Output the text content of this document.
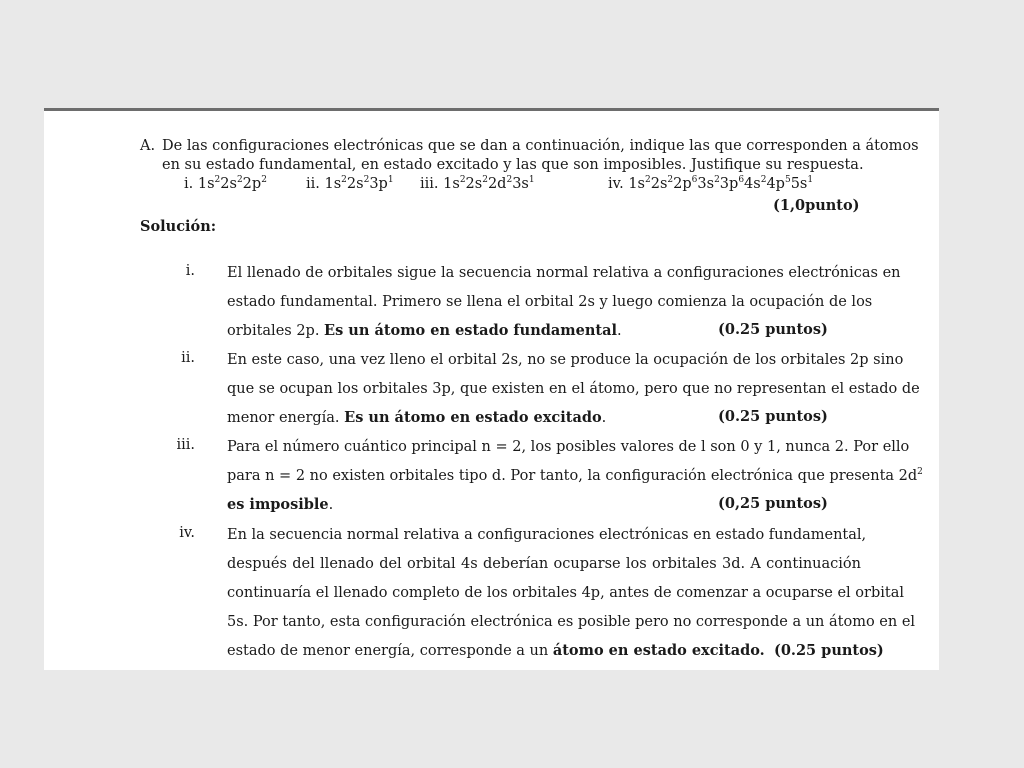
A. De las configuraciones electrónicas que se dan a continuación, indique las que corresponden a átomos
en su estado fundamental, en estado excitado y las que son imposibles. Justifique su respuesta.
i. $1s^22s^22p^2$	ii. $1s^22s^23p^1$ iii. $1s^22s^22d^23s^1$	iv. $1s^22s^22p^63s^23p^64s^24p^55s^1$
(1,0punto)
Solución:
i. El llenado de orbitales sigue la secuencia normal relativa a configuraciones electrónicas en
estado fundamental. Primero se llena el orbital 2s y luego comienza la ocupación de los
orbitales 2p. Es un átomo en estado fundamental.	(0.25 puntos)
ii. En este caso, una vez lleno el orbital 2s, no se produce la ocupación de los orbitales 2p sino
que se ocupan los orbitales 3p, que existen en el átomo, pero que no representan el estado de
menor energía. Es un átomo en estado excitado.	(0.25 puntos)
iii. Para el número cuántico principal n = 2, los posibles valores de l son 0 y 1, nunca 2. Por ello
para n = 2 no existen orbitales tipo d. Por tanto, la configuración electrónica que presenta $2d^2$
es imposible.	(0,25 puntos)
iv. En la secuencia normal relativa a configuraciones electrónicas en estado fundamental,
después del llenado del orbital 4s deberían ocuparse los orbitales 3d. A continuación
continuaría el llenado completo de los orbitales 4p, antes de comenzar a ocuparse el orbital
5s. Por tanto, esta configuración electrónica es posible pero no corresponde a un átomo en el
estado de menor energía, corresponde a un átomo en estado excitado. (0.25 puntos)
